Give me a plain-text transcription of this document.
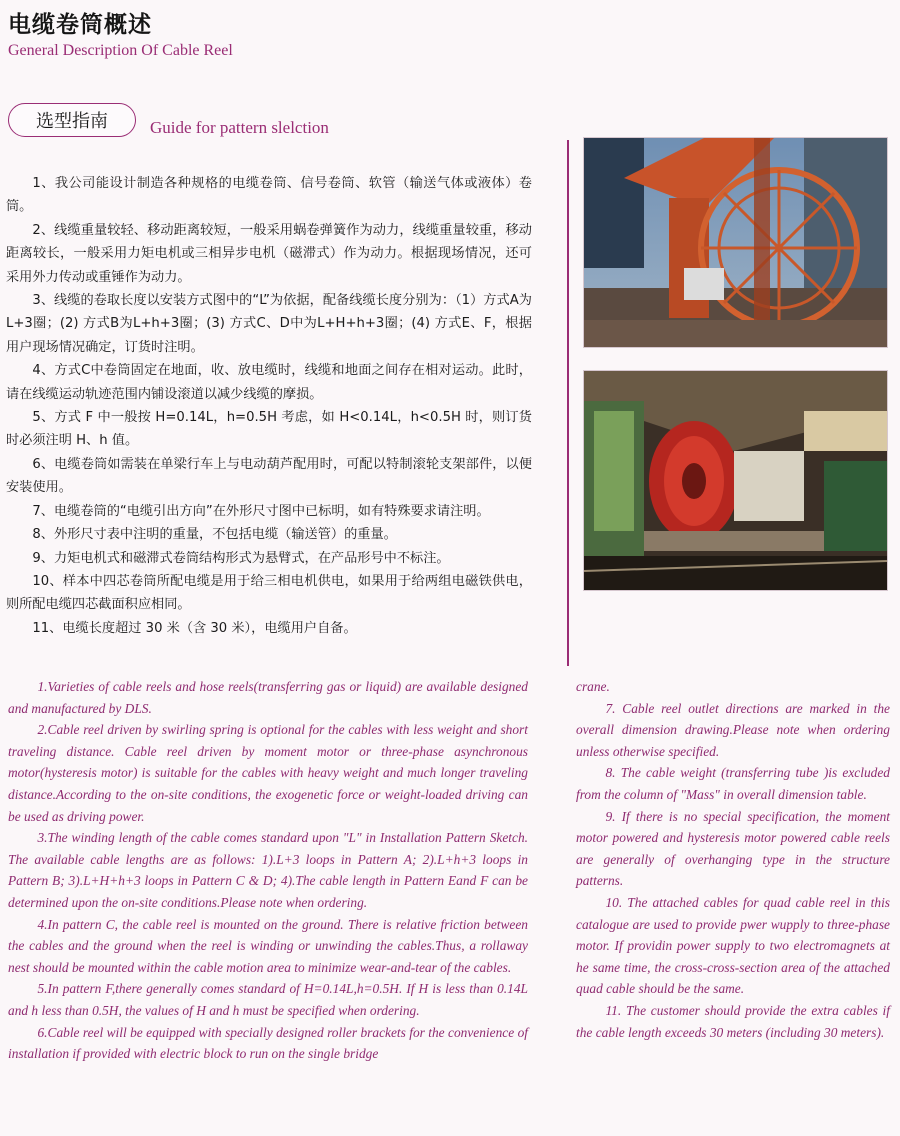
电缆卷筒概述
General Description Of Cable Reel
选型指南	Guide for pattern slelction

1、我公司能设计制造各种规格的电缆卷筒、信号卷筒、软管（输送气体或液体）卷筒。

2、线缆重量较轻、移动距离较短，一般采用蜗卷弹簧作为动力，线缆重量较重，移动距离较长，一般采用力矩电机或三相异步电机（磁滞式）作为动力。根据现场情况，还可采用外力传动或重锤作为动力。

3、线缆的卷取长度以安装方式图中的“L”为依据，配备线缆长度分别为：（1）方式A为L+3圈；(2) 方式B为L+h+3圈；(3) 方式C、D中为L+H+h+3圈；(4) 方式E、F，根据用户现场情况确定，订货时注明。

4、方式C中卷筒固定在地面，收、放电缆时，线缆和地面之间存在相对运动。此时，请在线缆运动轨迹范围内铺设滚道以减少线缆的摩损。

5、方式 F 中一般按 H=0.14L，h=0.5H 考虑，如 H<0.14L，h<0.5H 时，则订货时必须注明 H、h 值。

6、电缆卷筒如需装在单梁行车上与电动葫芦配用时，可配以特制滚轮支架部件，以便安装使用。

7、电缆卷筒的“电缆引出方向”在外形尺寸图中已标明，如有特殊要求请注明。

8、外形尺寸表中注明的重量，不包括电缆（输送管）的重量。

9、力矩电机式和磁滞式卷筒结构形式为悬臂式，在产品形号中不标注。

10、样本中四芯卷筒所配电缆是用于给三相电机供电，如果用于给两组电磁铁供电，则所配电缆四芯截面积应相同。

11、电缆长度超过 30 米（含 30 米），电缆用户自备。

1.Varieties of cable reels and hose reels(transferring gas or liquid) are available designed and manufactured by DLS.

2.Cable reel driven by swirling spring is optional for the cables with less weight and short traveling distance. Cable reel driven by moment motor or three-phase asynchronous motor(hysteresis motor) is suitable for the cables with heavy weight and much longer traveling distance.According to the on-site conditions, the exogenetic force or weight-loaded driving can be used as driving power.

3.The winding length of the cable comes standard upon "L" in Installation Pattern Sketch. The available cable lengths are as follows: 1).L+3 loops in Pattern A; 2).L+h+3 loops in Pattern B; 3).L+H+h+3 loops in Pattern C & D; 4).The cable length in Pattern Eand F can be determined upon the on-site conditions.Please note when ordering.

4.In pattern C, the cable reel is mounted on the ground. There is relative friction between the cables and the ground when the reel is winding or unwinding the cables.Thus, a rollaway nest should be mounted within the cable motion area to minimize wear-and-tear of the cables.

5.In pattern F,there generally comes standard of H=0.14L,h=0.5H. If H is less than 0.14L and h less than 0.5H, the values of H and h must be specified when ordering.

6.Cable reel will be equipped with specially designed roller brackets for the convenience of installation if provided with electric block to run on the single bridge

crane.

7. Cable reel outlet directions are marked in the overall dimension drawing.Please note when ordering unless otherwise specified.

8. The cable weight (transferring tube )is excluded from the column of "Mass" in overall dimension table.

9. If there is no special specification, the moment motor powered and hysteresis motor powered cable reels are generally of overhanging type in the structure patterns.

10. The attached cables for quad cable reel in this catalogue are used to provide pwer wupply to three-phase motor. If providin power supply to two electromagnets at he same time, the cross-cross-section area of the attached quad cable should be the same.

11. The customer should provide the extra cables if the cable length exceeds 30 meters (including 30 meters).
